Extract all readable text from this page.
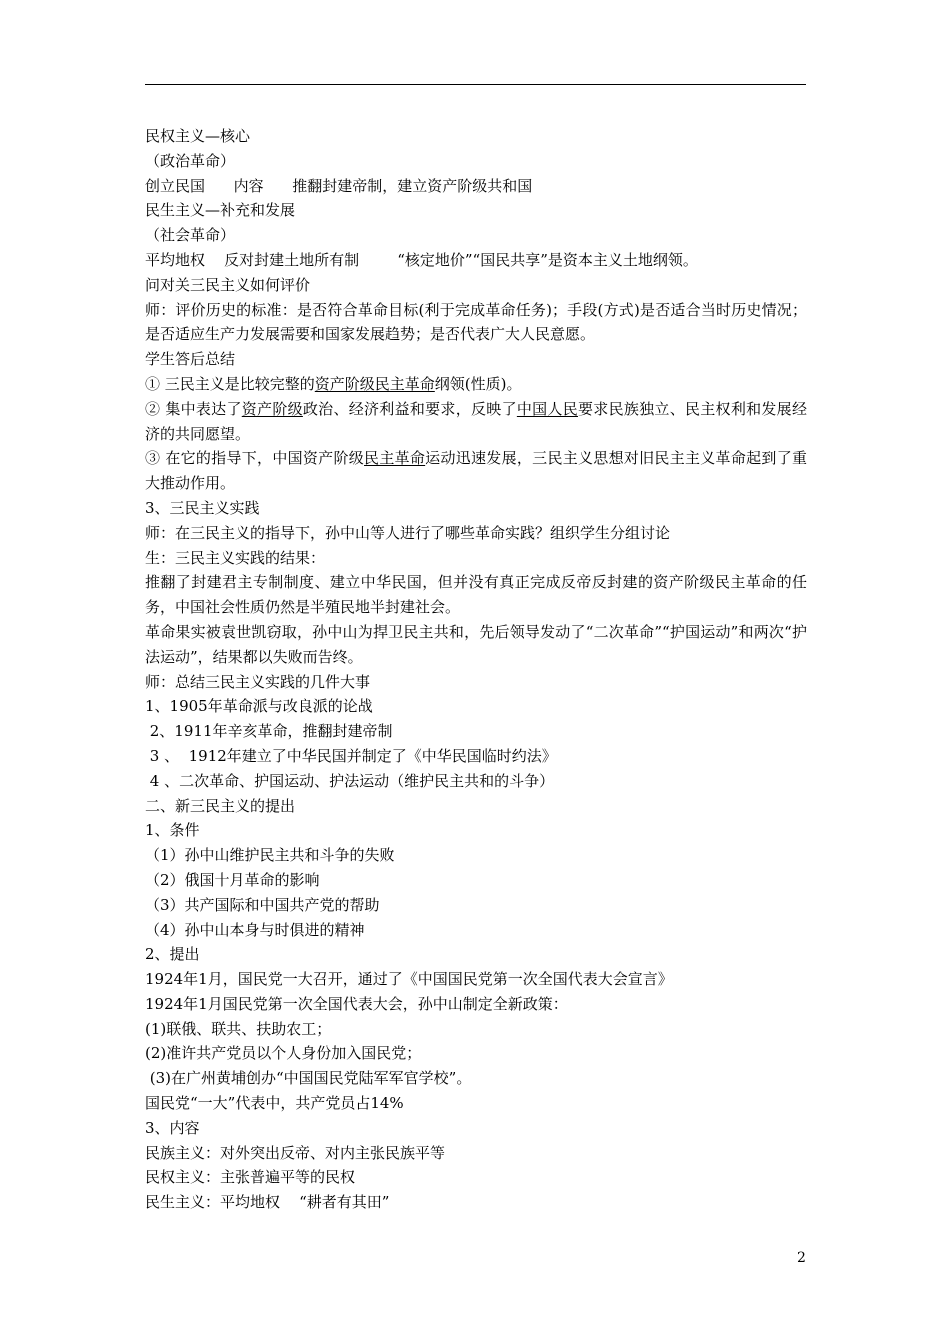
民权主义—核心
（政治革命）
创立民国      内容      推翻封建帝制，建立资产阶级共和国
民生主义—补充和发展
（社会革命）
平均地权    反对封建土地所有制        “核定地价”“国民共享”是资本主义土地纲领。
问对关三民主义如何评价
师：评价历史的标准：是否符合革命目标(利于完成革命任务)；手段(方式)是否适合当时历史情况；是否适应生产力发展需要和国家发展趋势；是否代表广大人民意愿。
学生答后总结
① 三民主义是比较完整的资产阶级民主革命纲领(性质)。
② 集中表达了资产阶级政治、经济利益和要求，反映了中国人民要求民族独立、民主权利和发展经济的共同愿望。
③ 在它的指导下，中国资产阶级民主革命运动迅速发展，三民主义思想对旧民主主义革命起到了重大推动作用。
3、三民主义实践
师：在三民主义的指导下，孙中山等人进行了哪些革命实践？组织学生分组讨论
生：三民主义实践的结果：
推翻了封建君主专制制度、建立中华民国，但并没有真正完成反帝反封建的资产阶级民主革命的任务，中国社会性质仍然是半殖民地半封建社会。
革命果实被袁世凯窃取，孙中山为捍卫民主共和，先后领导发动了“二次革命”“护国运动”和两次“护法运动”，结果都以失败而告终。
师：总结三民主义实践的几件大事
1、1905年革命派与改良派的论战
2、1911年辛亥革命，推翻封建帝制
3 、  1912年建立了中华民国并制定了《中华民国临时约法》
4 、二次革命、护国运动、护法运动（维护民主共和的斗争）
二、新三民主义的提出
1、条件
（1）孙中山维护民主共和斗争的失败
（2）俄国十月革命的影响
（3）共产国际和中国共产党的帮助
（4）孙中山本身与时俱进的精神
2、提出
1924年1月，国民党一大召开，通过了《中国国民党第一次全国代表大会宣言》
1924年1月国民党第一次全国代表大会，孙中山制定全新政策：
(1)联俄、联共、扶助农工；
(2)准许共产党员以个人身份加入国民党；
(3)在广州黄埔创办“中国国民党陆军军官学校”。
国民党“一大”代表中，共产党员占14%
3、内容
民族主义：对外突出反帝、对内主张民族平等
民权主义：主张普遍平等的民权
民生主义：平均地权    “耕者有其田”
2
